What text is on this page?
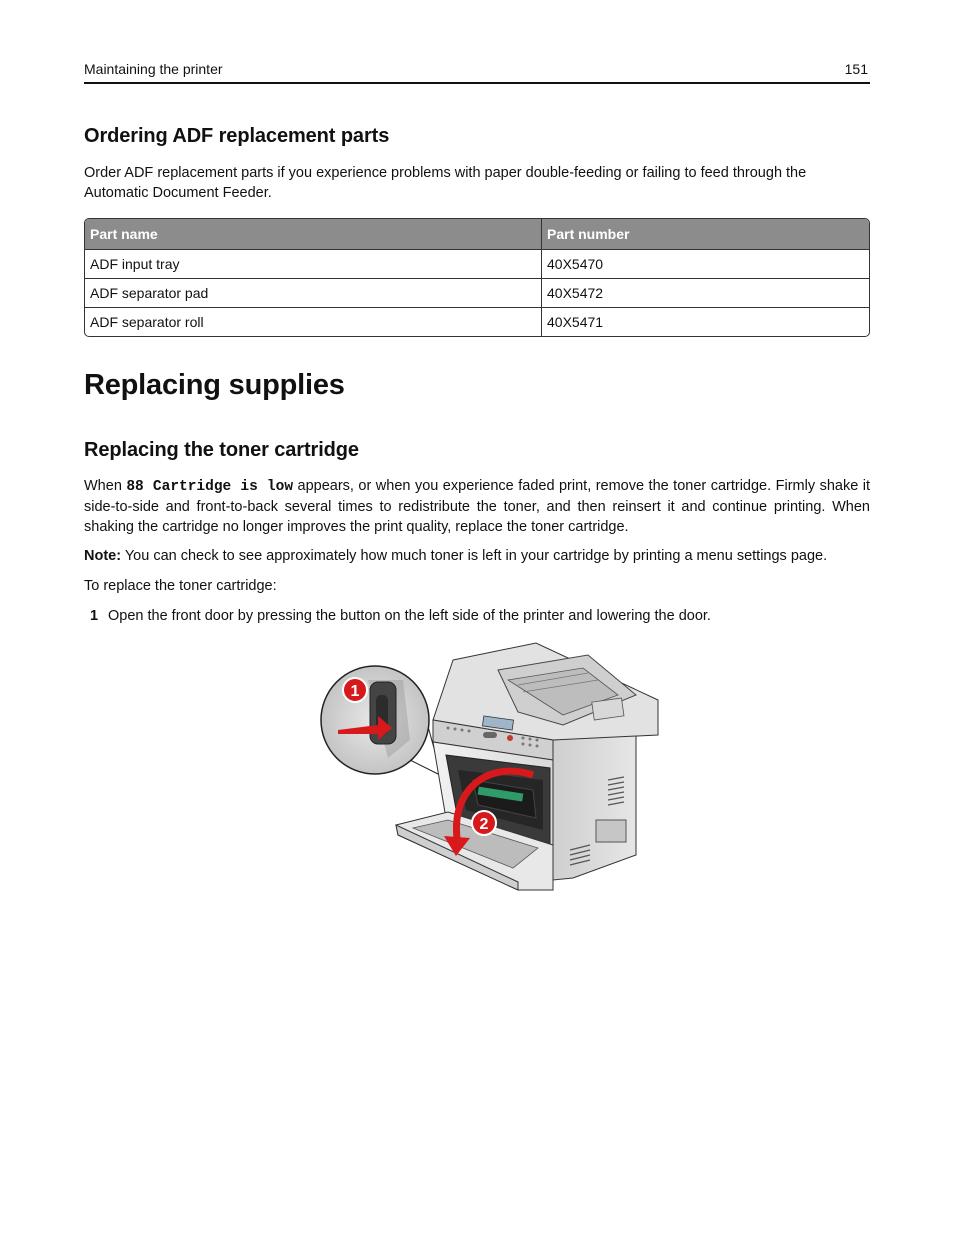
Maintaining the printer	151
Ordering ADF replacement parts

Order ADF replacement parts if you experience problems with paper double-feeding or failing to feed through the Automatic Document Feeder.

Part name	Part number
ADF input tray	40X5470
ADF separator pad	40X5472
ADF separator roll	40X5471
Replacing supplies
Replacing the toner cartridge

When 88 Cartridge is low appears, or when you experience faded print, remove the toner cartridge. Firmly shake it side-to-side and front-to-back several times to redistribute the toner, and then reinsert it and continue printing. When shaking the cartridge no longer improves the print quality, replace the toner cartridge.

Note: You can check to see approximately how much toner is left in your cartridge by printing a menu settings page.

To replace the toner cartridge:

1 Open the front door by pressing the button on the left side of the printer and lowering the door.
2
1
